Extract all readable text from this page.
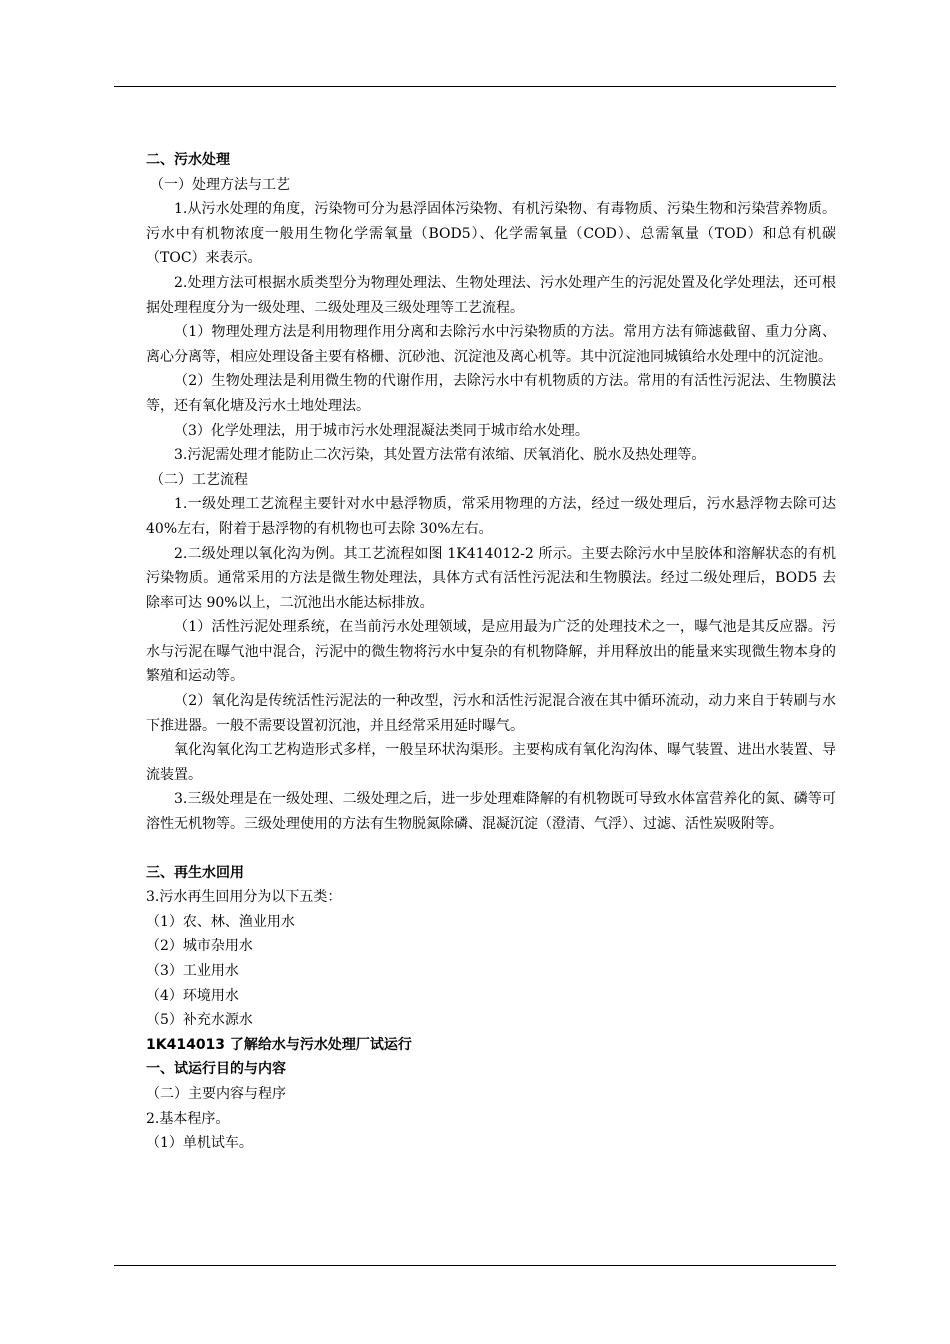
二、污水处理

（一）处理方法与工艺

1.从污水处理的角度，污染物可分为悬浮固体污染物、有机污染物、有毒物质、污染生物和污染营养物质。污水中有机物浓度一般用生物化学需氧量（BOD5）、化学需氧量（COD）、总需氧量（TOD）和总有机碳（TOC）来表示。

2.处理方法可根据水质类型分为物理处理法、生物处理法、污水处理产生的污泥处置及化学处理法，还可根据处理程度分为一级处理、二级处理及三级处理等工艺流程。

（1）物理处理方法是利用物理作用分离和去除污水中污染物质的方法。常用方法有筛滤截留、重力分离、离心分离等，相应处理设备主要有格栅、沉砂池、沉淀池及离心机等。其中沉淀池同城镇给水处理中的沉淀池。

（2）生物处理法是利用微生物的代谢作用，去除污水中有机物质的方法。常用的有活性污泥法、生物膜法等，还有氧化塘及污水土地处理法。

（3）化学处理法，用于城市污水处理混凝法类同于城市给水处理。

3.污泥需处理才能防止二次污染，其处置方法常有浓缩、厌氧消化、脱水及热处理等。

（二）工艺流程

1.一级处理工艺流程主要针对水中悬浮物质，常采用物理的方法，经过一级处理后，污水悬浮物去除可达 40%左右，附着于悬浮物的有机物也可去除 30%左右。

2.二级处理以氧化沟为例。其工艺流程如图 1K414012-2 所示。主要去除污水中呈胶体和溶解状态的有机污染物质。通常采用的方法是微生物处理法，具体方式有活性污泥法和生物膜法。经过二级处理后，BOD5 去除率可达 90%以上，二沉池出水能达标排放。

（1）活性污泥处理系统，在当前污水处理领域，是应用最为广泛的处理技术之一，曝气池是其反应器。污水与污泥在曝气池中混合，污泥中的微生物将污水中复杂的有机物降解，并用释放出的能量来实现微生物本身的繁殖和运动等。

（2）氧化沟是传统活性污泥法的一种改型，污水和活性污泥混合液在其中循环流动，动力来自于转刷与水下推进器。一般不需要设置初沉池，并且经常采用延时曝气。

氧化沟氧化沟工艺构造形式多样，一般呈环状沟渠形。主要构成有氧化沟沟体、曝气装置、进出水装置、导流装置。

3.三级处理是在一级处理、二级处理之后，进一步处理难降解的有机物既可导致水体富营养化的氮、磷等可溶性无机物等。三级处理使用的方法有生物脱氮除磷、混凝沉淀（澄清、气浮）、过滤、活性炭吸附等。

三、再生水回用

3.污水再生回用分为以下五类：

（1）农、林、渔业用水

（2）城市杂用水

（3）工业用水

（4）环境用水

（5）补充水源水

1K414013 了解给水与污水处理厂试运行

一、试运行目的与内容

（二）主要内容与程序

2.基本程序。

（1）单机试车。
